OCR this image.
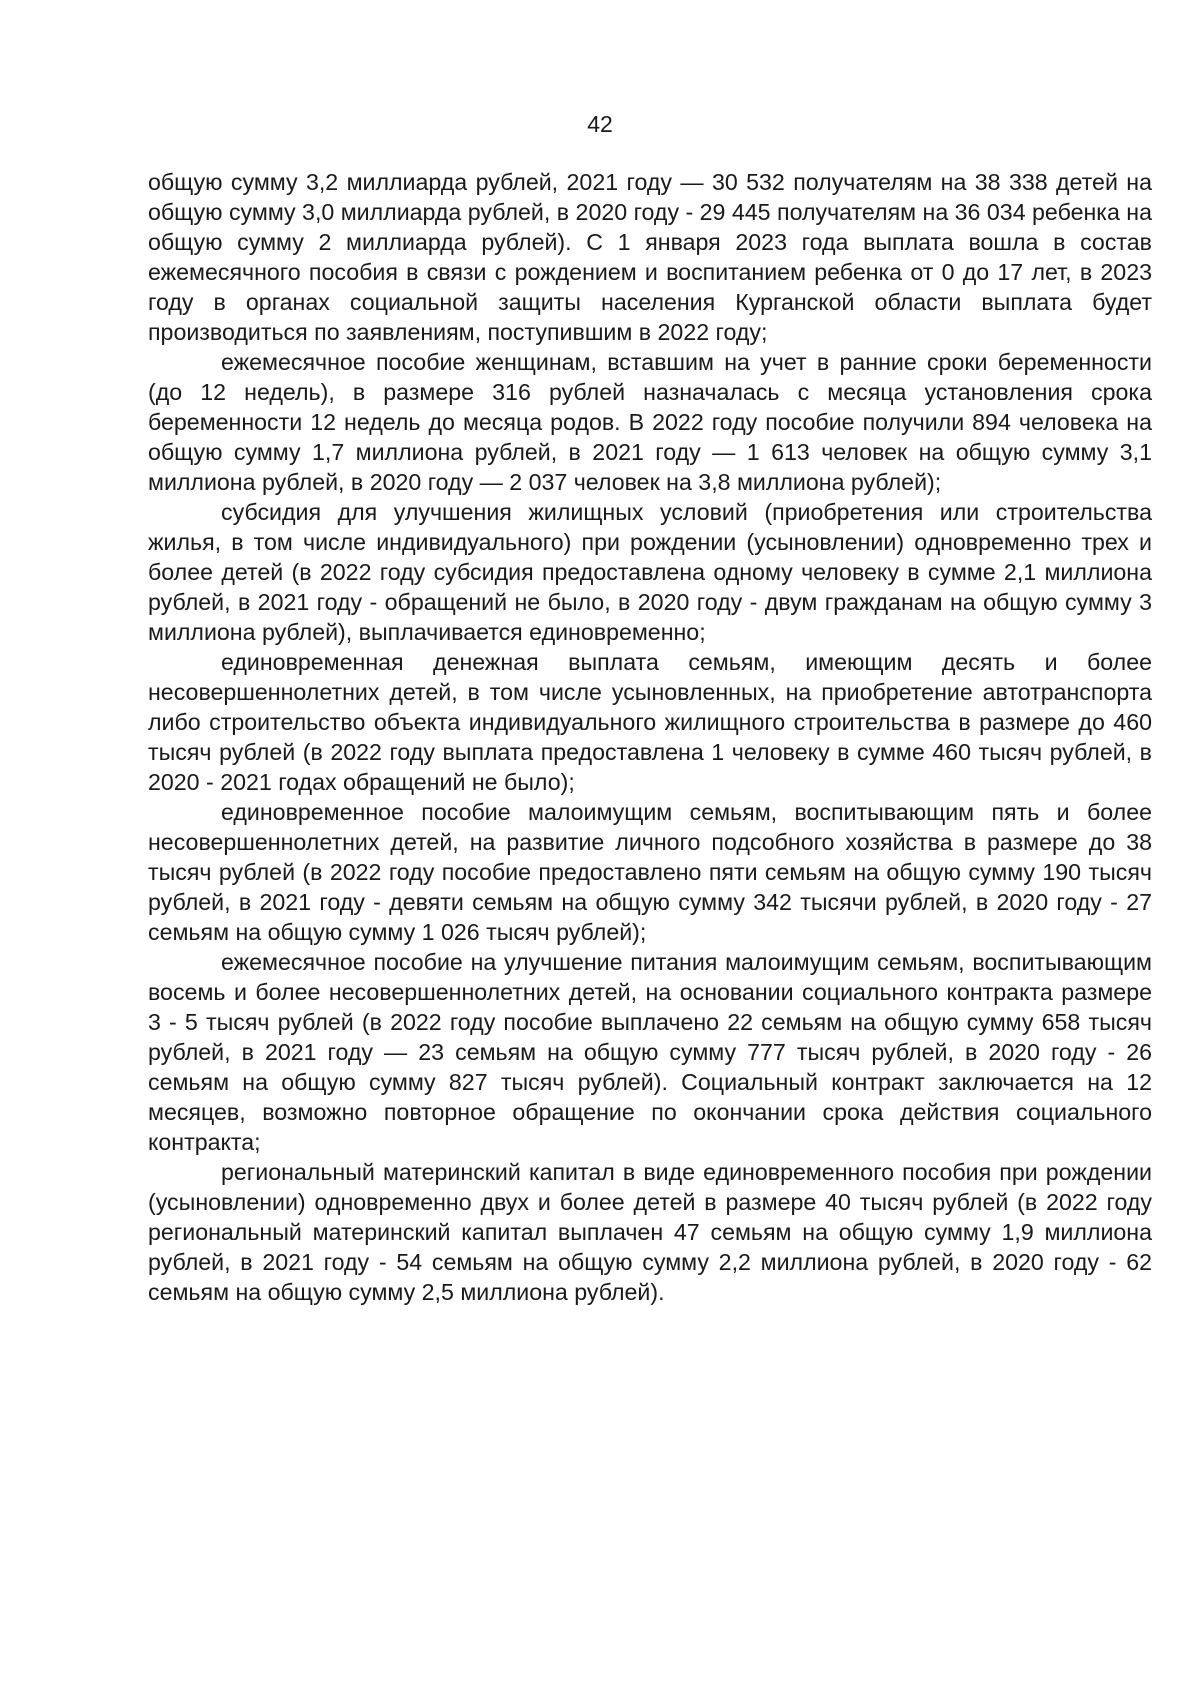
42

общую сумму 3,2 миллиарда рублей, 2021 году — 30 532 получателям на 38 338 детей на общую сумму 3,0 миллиарда рублей, в 2020 году - 29 445 получателям на 36 034 ребенка на общую сумму 2 миллиарда рублей). С 1 января 2023 года выплата вошла в состав ежемесячного пособия в связи с рождением и воспитанием ребенка от 0 до 17 лет, в 2023 году в органах социальной защиты населения Курганской области выплата будет производиться по заявлениям, поступившим в 2022 году;

ежемесячное пособие женщинам, вставшим на учет в ранние сроки беременности (до 12 недель), в размере 316 рублей назначалась с месяца установления срока беременности 12 недель до месяца родов. В 2022 году пособие получили 894 человека на общую сумму 1,7 миллиона рублей, в 2021 году — 1 613 человек на общую сумму 3,1 миллиона рублей, в 2020 году — 2 037 человек на 3,8 миллиона рублей);

субсидия для улучшения жилищных условий (приобретения или строительства жилья, в том числе индивидуального) при рождении (усыновлении) одновременно трех и более детей (в 2022 году субсидия предоставлена одному человеку в сумме 2,1 миллиона рублей, в 2021 году - обращений не было, в 2020 году - двум гражданам на общую сумму 3 миллиона рублей), выплачивается единовременно;

единовременная денежная выплата семьям, имеющим десять и более несовершеннолетних детей, в том числе усыновленных, на приобретение автотранспорта либо строительство объекта индивидуального жилищного строительства в размере до 460 тысяч рублей (в 2022 году выплата предоставлена 1 человеку в сумме 460 тысяч рублей, в 2020 - 2021 годах обращений не было);

единовременное пособие малоимущим семьям, воспитывающим пять и более несовершеннолетних детей, на развитие личного подсобного хозяйства в размере до 38 тысяч рублей (в 2022 году пособие предоставлено пяти семьям на общую сумму 190 тысяч рублей, в 2021 году - девяти семьям на общую сумму 342 тысячи рублей, в 2020 году - 27 семьям на общую сумму 1 026 тысяч рублей);

ежемесячное пособие на улучшение питания малоимущим семьям, воспитывающим восемь и более несовершеннолетних детей, на основании социального контракта размере 3 - 5 тысяч рублей (в 2022 году пособие выплачено 22 семьям на общую сумму 658 тысяч рублей, в 2021 году — 23 семьям на общую сумму 777 тысяч рублей, в 2020 году - 26 семьям на общую сумму 827 тысяч рублей). Социальный контракт заключается на 12 месяцев, возможно повторное обращение по окончании срока действия социального контракта;

региональный материнский капитал в виде единовременного пособия при рождении (усыновлении) одновременно двух и более детей в размере 40 тысяч рублей (в 2022 году региональный материнский капитал выплачен 47 семьям на общую сумму 1,9 миллиона рублей, в 2021 году - 54 семьям на общую сумму 2,2 миллиона рублей, в 2020 году - 62 семьям на общую сумму 2,5 миллиона рублей).
